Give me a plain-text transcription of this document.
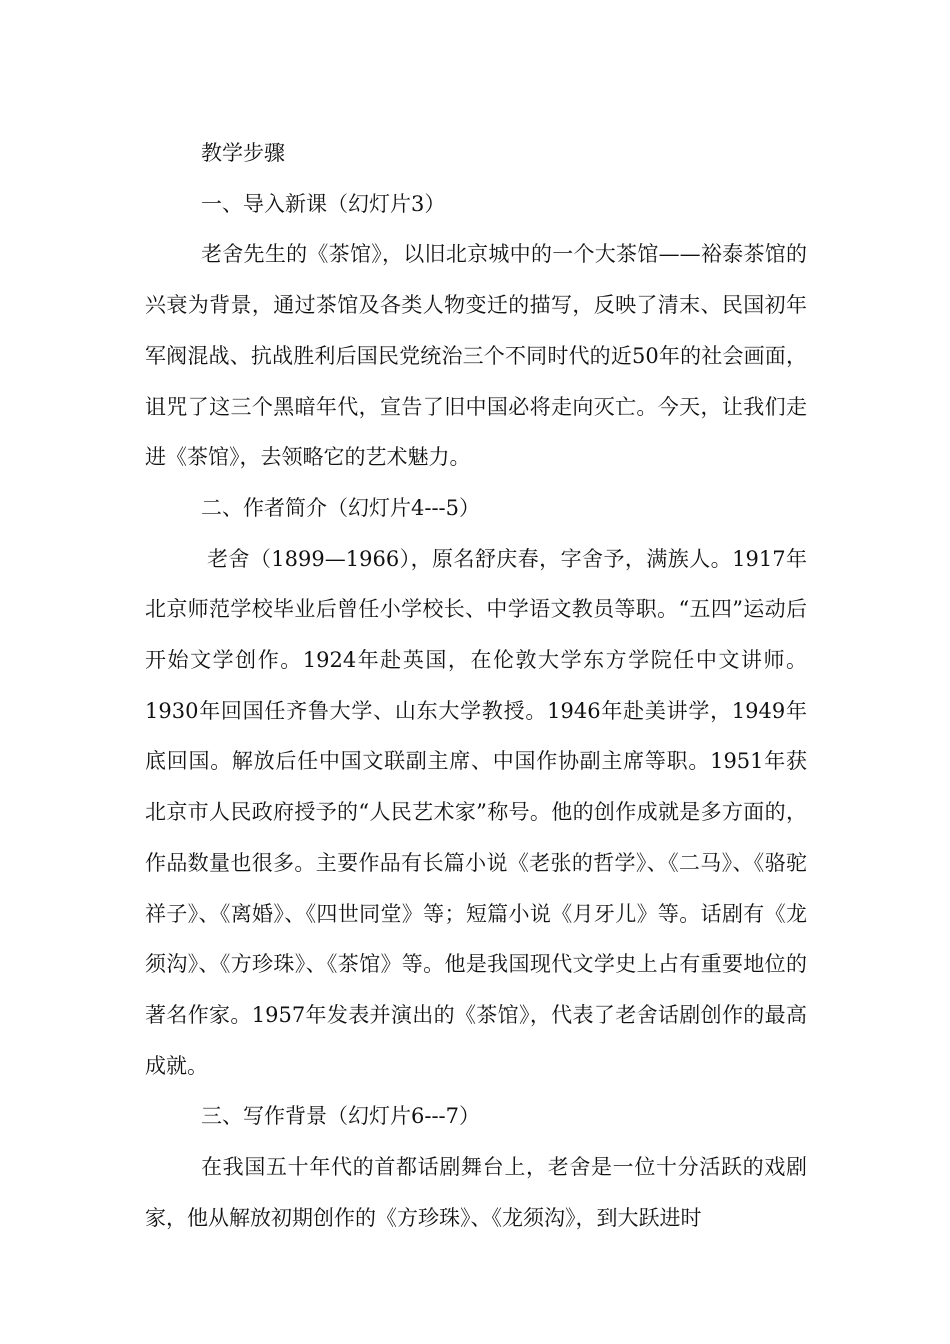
教学步骤

一、导入新课（幻灯片3）

老舍先生的《茶馆》，以旧北京城中的一个大茶馆——裕泰茶馆的兴衰为背景，通过茶馆及各类人物变迁的描写，反映了清末、民国初年军阀混战、抗战胜利后国民党统治三个不同时代的近50年的社会画面，诅咒了这三个黑暗年代，宣告了旧中国必将走向灭亡。今天，让我们走进《茶馆》，去领略它的艺术魅力。

二、作者简介（幻灯片4---5）

老舍（1899—1966），原名舒庆春，字舍予，满族人。1917年北京师范学校毕业后曾任小学校长、中学语文教员等职。“五四”运动后开始文学创作。1924年赴英国，在伦敦大学东方学院任中文讲师。1930年回国任齐鲁大学、山东大学教授。1946年赴美讲学，1949年底回国。解放后任中国文联副主席、中国作协副主席等职。1951年获北京市人民政府授予的“人民艺术家”称号。他的创作成就是多方面的，作品数量也很多。主要作品有长篇小说《老张的哲学》、《二马》、《骆驼祥子》、《离婚》、《四世同堂》等；短篇小说《月牙儿》等。话剧有《龙须沟》、《方珍珠》、《茶馆》等。他是我国现代文学史上占有重要地位的著名作家。1957年发表并演出的《茶馆》，代表了老舍话剧创作的最高成就。

三、写作背景（幻灯片6---7）

在我国五十年代的首都话剧舞台上，老舍是一位十分活跃的戏剧家，他从解放初期创作的《方珍珠》、《龙须沟》，到大跃进时
